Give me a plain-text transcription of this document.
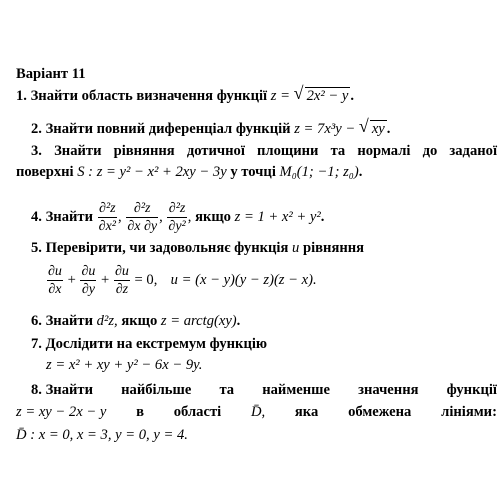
Варіант 11
1. Знайти область визначення функції z = √ 2x² − y .
2. Знайти повний диференціал функцій z = 7x³y − √ xy .
3. Знайти рівняння дотичної площини та нормалі до заданої
поверхні S : z = y² − x² + 2xy − 3y у точці M₀(1; −1; z₀).
4. Знайти $\frac{\text{∂²z}}{\text{∂x²}}$ , $\frac{\text{∂²z}}{\partial x \partial y}$ , $\frac{\text{∂²z}}{\text{∂y²}}$ , якщо z = 1 + x² + y².
5. Перевірити, чи задовольняє функція u рівняння
$\frac{\partial u}{\partial x} + \frac{\partial u}{\partial y} + \frac{\partial u}{\partial z} = 0$, u = (x − y)(y − z)(z − x).
6. Знайти d²z, якщо z = arctg(xy).
7. Дослідити на екстремум функцію
z = x² + xy + y² − 6x − 9y.
8. Знайти найбільше та найменше значення функції
z = xy − 2x − y в області D̄, яка обмежена лініями:
D̄ : x = 0, x = 3, y = 0, y = 4.
